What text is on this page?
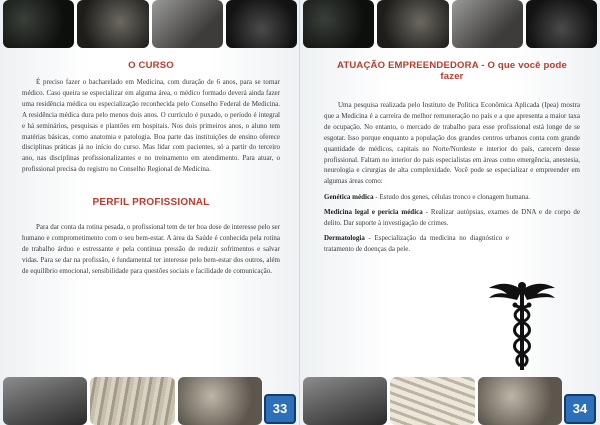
O CURSO

É preciso fazer o bacharelado em Medicina, com duração de 6 anos, para se tornar médico. Caso queira se especializar em alguma área, o médico formado deverá ainda fazer uma residência médica ou especialização reconhecida pelo Conselho Federal de Medicina. A residência médica dura pelo menos dois anos. O currículo é puxado, o período é integral e há seminários, pesquisas e plantões em hospitais. Nos dois primeiros anos, o aluno tem matérias básicas, como anatomia e patologia. Boa parte das instituições de ensino oferece disciplinas práticas já no início do curso. Mas lidar com pacientes, só a partir do terceiro ano, nas disciplinas profissionalizantes e no treinamento em atendimento. Para atuar, o profissional precisa do registro no Conselho Regional de Medicina.

PERFIL PROFISSIONAL

Para dar conta da rotina pesada, o profissional tem de ter boa dose de interesse pelo ser humano e comprometimento com o seu bem-estar. A área da Saúde é conhecida pela rotina de trabalho árduo e estressante e pela contínua pressão de reduzir sofrimentos e salvar vidas. Para se dar na profissão, é fundamental ter interesse pelo bem-estar dos outros, além de equilíbrio emocional, sensibilidade para questões sociais e facilidade de comunicação.

33
ATUAÇÃO EMPREENDEDORA - O que você pode fazer

Uma pesquisa realizada pelo Instituto de Política Econômica Aplicada (Ipea) mostra que a Medicina é a carreira de melhor remuneração no país e a que apresenta a maior taxa de ocupação. No entanto, o mercado de trabalho para esse profissional está longe de se esgotar. Isso porque enquanto a população dos grandes centros urbanos conta com grande quantidade de médicos, capitais no Norte/Nordeste e interior do país, carecem desse profissional. Faltam no interior do país especialistas em áreas como emergência, anestesia, neurologia e cirurgias de alta complexidade. Você pode se especializar e empreender em algumas áreas como:

Genética médica - Estudo dos genes, células tronco e clonagem humana.

Medicina legal e perícia médica - Realizar autópsias, exames de DNA e de corpo de delito. Dar suporte à investigação de crimes.

Dermatologia - Especialização da medicina no diagnóstico e tratamento de doenças da pele.

34
